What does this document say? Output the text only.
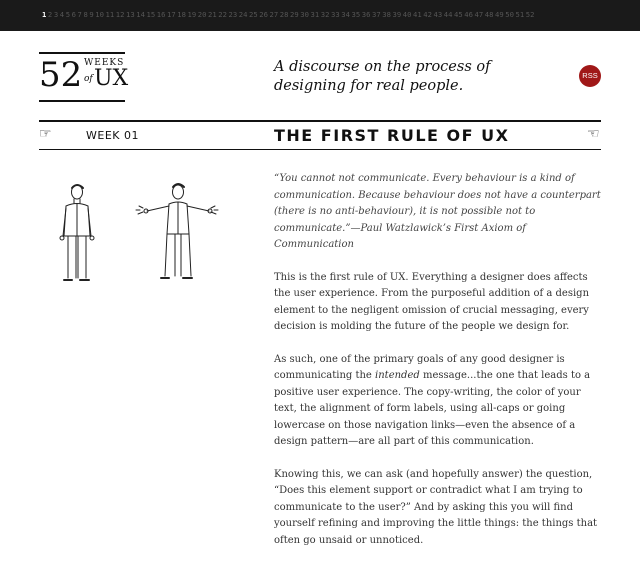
1 2 3 4 5 6 7 8 9 10 11 12 13 14 15 16 17 18 19 20 21 22 23 24 25 26 27 28 29 30 31 32 33 34 35 36 37 38 39 40 41 42 43 44 45 46 47 48 49 50 51 52
52 WEEKS
of UX	A discourse on the process of
designing for real people.
RSS
☞	WEEK 01	THE FIRST RULE OF UX	☜

“You cannot not communicate. Every behaviour is a kind of communication. Because behaviour does not have a counterpart (there is no anti-behaviour), it is not possible not to communicate.”—Paul Watzlawick’s First Axiom of Communication

This is the first rule of UX. Everything a designer does affects the user experience. From the purposeful addition of a design element to the negligent omission of crucial messaging, every decision is molding the future of the people we design for.

As such, one of the primary goals of any good designer is communicating the intended message...the one that leads to a positive user experience. The copy-writing, the color of your text, the alignment of form labels, using all-caps or going lowercase on those navigation links—even the absence of a design pattern—are all part of this communication.

Knowing this, we can ask (and hopefully answer) the question, “Does this element support or contradict what I am trying to communicate to the user?” And by asking this you will find yourself refining and improving the little things: the things that often go unsaid or unnoticed.
